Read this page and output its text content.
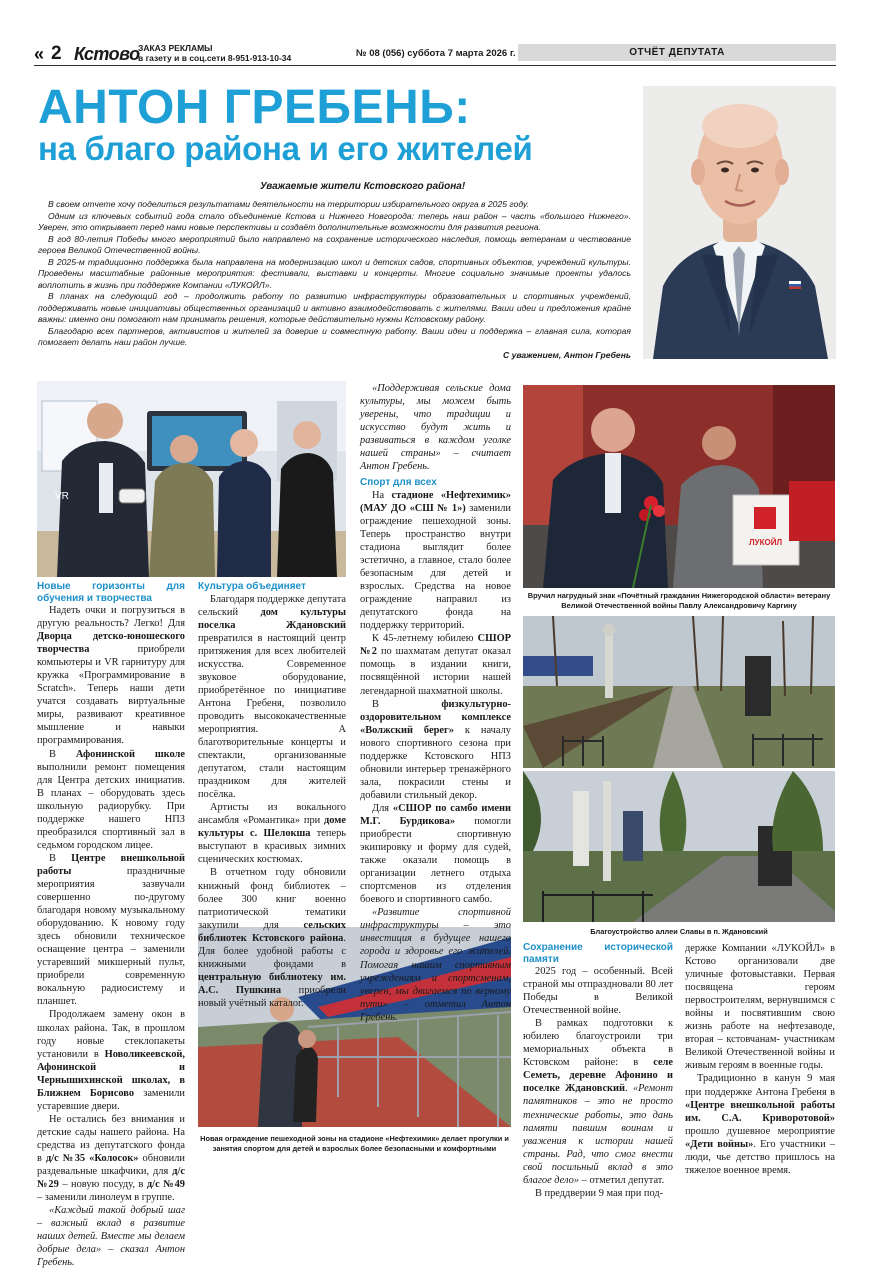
« 2 Кстово
ЗАКАЗ РЕКЛАМЫ
в газету и в соц.сети 8-951-913-10-34	№ 08 (056) суббота 7 марта 2026 г.	ОТЧЁТ ДЕПУТАТА
АНТОН ГРЕБЕНЬ:
на благо района и его жителей
Уважаемые жители Кстовского района!

В своем отчете хочу поделиться результатами деятельности на территории избирательного округа в 2025 году.

Одним из ключевых событий года стало объединение Кстова и Нижнего Новгорода: теперь наш район – часть «большого Нижнего». Уверен, это открывает перед нами новые перспективы и создаёт дополнительные возможности для развития региона.

В год 80-летия Победы много мероприятий было направлено на сохранение исторического наследия, помощь ветеранам и чествование героев Великой Отечественной войны.

В 2025-м традиционно поддержка была направлена на модернизацию школ и детских садов, спортивных объектов, учреждений культуры. Проведены масштабные районные мероприятия: фестивали, выставки и концерты. Многие социально значимые проекты удалось воплотить в жизнь при поддержке Компании «ЛУКОЙЛ».

В планах на следующий год – продолжить работу по развитию инфраструктуры образовательных и спортивных учреждений, поддерживать новые инициативы общественных организаций и активно взаимодействовать с жителями. Ваши идеи и предложения крайне важны: именно они помогают нам принимать решения, которые действительно нужны Кстовскому району.

Благодарю всех партнеров, активистов и жителей за доверие и совместную работу. Ваши идеи и поддержка – главная сила, которая помогает делать наш район лучше.

С уважением, Антон Гребень
VR
ЛУКОЙЛ
Вручил нагрудный знак «Почётный гражданин Нижегородской области» ветерану Великой Отечественной войны Павлу Александровичу Каргину
Благоустройство аллеи Славы в п. Ждановский
Новая ограждение пешеходной зоны на стадионе «Нефтехимик» делает прогулки и занятия спортом для детей и взрослых более безопасными и комфортными
Новые горизонты для обучения и творчества

Надеть очки и погрузиться в другую реальность? Легко! Для Дворца детско-юношеского творчества приобрели компьютеры и VR гарнитуру для кружка «Программирование в Scratch». Теперь наши дети учатся создавать виртуальные миры, развивают креативное мышление и навыки программирования.

В Афонинской школе выполнили ремонт помещения для Центра детских инициатив. В планах – оборудовать здесь школьную радиорубку. При поддержке нашего НПЗ преобразился спортивный зал в седьмом городском лицее.

В Центре внешкольной работы праздничные мероприятия зазвучали совершенно по-другому благодаря новому музыкальному оборудованию. К новому году здесь обновили техническое оснащение центра – заменили устаревший микшерный пульт, приобрели современную вокальную радиосистему и планшет.

Продолжаем замену окон в школах района. Так, в прошлом году новые стеклопакеты установили в Новоликеевской, Афонинской и Чернышихинской школах, в Ближнем Борисово заменили устаревшие двери.

Не остались без внимания и детские сады нашего района. На средства из депутатского фонда в д/с №35 «Колосок» обновили раздевальные шкафчики, для д/с №29 – новую посуду, в д/с №49 – заменили линолеум в группе.

«Каждый такой добрый шаг – важный вклад в развитие наших детей. Вместе мы делаем добрые дела» – сказал Антон Гребень.

Культура объединяет

Благодаря поддержке депутата сельский дом культуры поселка Ждановский превратился в настоящий центр притяжения для всех любителей искусства. Современное звуковое оборудование, приобретённое по инициативе Антона Гребеня, позволило проводить высококачественные мероприятия. А благотворительные концерты и спектакли, организованные депутатом, стали настоящим праздником для жителей посёлка.

Артисты из вокального ансамбля «Романтика» при доме культуры с. Шелокша теперь выступают в красивых зимних сценических костюмах.

В отчетном году обновили книжный фонд библиотек – более 300 книг военно патриотической тематики закупили для сельских библиотек Кстовского района. Для более удобной работы с книжными фондами в центральную библиотеку им. А.С. Пушкина приобрели новый учётный каталог.

«Поддерживая сельские дома культуры, мы можем быть уверены, что традиции и искусство будут жить и развиваться в каждом уголке нашей страны» – считает Антон Гребень.

Спорт для всех

На стадионе «Нефтехимик» (МАУ ДО «СШ № 1») заменили ограждение пешеходной зоны. Теперь пространство внутри стадиона выглядит более эстетично, а главное, стало более безопасным для детей и взрослых. Средства на новое ограждение направил из депутатского фонда на поддержку территорий.

К 45-летнему юбилею СШОР №2 по шахматам депутат оказал помощь в издании книги, посвящённой истории нашей легендарной шахматной школы.

В физкультурно-оздоровительном комплексе «Волжский берег» к началу нового спортивного сезона при поддержке Кстовского НПЗ обновили интерьер тренажёрного зала, покрасили стены и добавили стильный декор.

Для «СШОР по самбо имени М.Г. Бурдикова» помогли приобрести спортивную экипировку и форму для судей, также оказали помощь в организации летнего отдыха спортсменов из отделения боевого и спортивного самбо.

«Развитие спортивной инфраструктуры – это инвестиция в будущее нашего города и здоровье его жителей. Помогая нашим спортивным учреждениям и спортсменам, уверен, мы двигаемся по верному пути» – отметил Антон Гребень.

Сохранение исторической памяти

2025 год – особенный. Всей страной мы отпраздновали 80 лет Победы в Великой Отечественной войне.

В рамках подготовки к юбилею благоустроили три мемориальных объекта в Кстовском районе: в селе Семеть, деревне Афонино и поселке Ждановский. «Ремонт памятников – это не просто технические работы, это дань памяти павшим воинам и уважения к истории нашей страны. Рад, что смог внести свой посильный вклад в это благое дело» – отметил депутат.

В преддверии 9 мая при под-

держке Компании «ЛУКОЙЛ» в Кстово организовали две уличные фотовыставки. Первая посвящена героям первостроителям, вернувшимся с войны и посвятившим свою жизнь работе на нефтезаводе, вторая – кстовчанам- участникам Великой Отечественной войны и живым героям в военные годы.

Традиционно в канун 9 мая при поддержке Антона Гребеня в «Центре внешкольной работы им. С.А. Криворотовой» прошло душевное мероприятие «Дети войны». Его участники – люди, чье детство пришлось на тяжелое военное время.
